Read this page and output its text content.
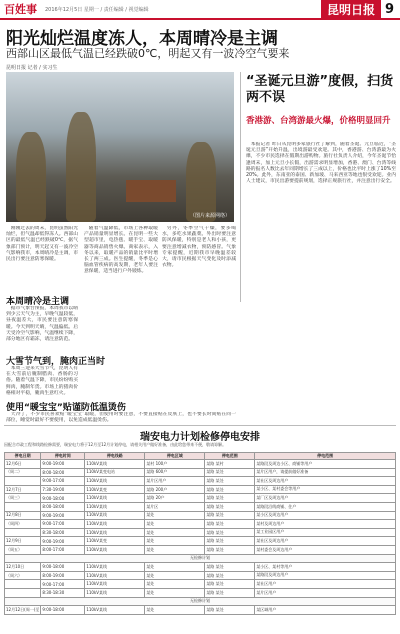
百姓事 2016年12月5日 星期一 / 责任编辑 / 视觉编辑	昆明日报 9
阳光灿烂温度冻人，本周晴冷是主调
西部山区最低气温已经跌破0℃，明起又有一波冷空气要来
昆明日报 记者 / 实习生
（图片来源网络）
“圣诞元旦游”度假，扫货两不误
香港游、台湾游最火爆，价格明显回升

本报记者 昨日从昆明多家旅行社了解到，随着圣诞、元旦临近，“圣诞元旦游”开始升温，出境游最受欢迎。其中，香港游、台湾游最为火爆，不少市民选择在假期出游购物。旅行社负责人介绍，今年圣诞节恰逢周末，加上元旦小长假，出游需求明显增加，香港、澳门、台湾等线路的报名人数比去年同期增长了三成以上，价格也比平时上涨了10%至20%。此外，东南亚的泰国、新加坡、马来西亚等地也很受欢迎。业内人士建议，市民出游要提前规划，选择正规旅行社，并注意出行安全。

刚刚过去的周末，昆明虽然阳光灿烂，但气温却低得冻人。西部山区的最低气温已经跌破0℃，据气象部门预计，明天起又有一波冷空气影响我市，本周晴冷是主调，市民出行要注意防寒保暖。

本周晴冷是主调

据市气象台预报，本周我市以晴到少云天气为主，早晚气温较低，昼夜温差大，市民要注意防寒保暖。今天到明天晴，气温偏低。后天受冷空气影响，气温继续下降，部分地区有霜冻，请注意防范。

大雪节气到，腌肉正当时

本周三迎来大雪节气，昆明人有在大雪前后腌制腊肉、香肠的习俗。随着气温下降，市民纷纷购买鲜肉，腌制年货。市场上的猪肉价格相对平稳，腌肉生意红火。

使用“暖宝宝”贴谨防低温烫伤

天冷了，不少市民喜欢贴“暖宝宝”取暖，但使用时要注意，不要直接贴在皮肤上，也不要长时间贴在同一部位，睡觉时最好不要使用，以免造成低温烫伤。

随着气温降低，市场上各种取暖产品销量明显增长。在昆明一些大型超市里，电热毯、暖手宝、取暖器等商品销售火爆。商家表示，入冬以来，取暖产品的销量比平时增长了两三成。医生提醒，冬季是心脑血管疾病的高发期，老年人要注意保暖，适当进行户外锻炼。

另外，冬季空气干燥，要多喝水，多吃水果蔬菜。外出时要注意防风保暖，特别是老人和小孩，更要注意增减衣物，预防感冒。气象专家提醒，近期我市早晚温差较大，请市民根据天气变化及时添减衣物。

瑞安电力计划检修停电安排
因配合市政工程和线路检修需要，瑞安电力将于12月至12月计划停电，请相关用户做好准备，由此给您带来不便，敬请谅解。
停电日期	停电时间	停电线路	停电区域	停电范围	停电范围
12月6日	9:00-19:00	110kV某线	某村 100户	某路 某村	某路段及周边小区、商铺等用户
（周二）	8:00-18:00	110kV某变电站	某路 600户	某路 某处	某片区用户，请提前做好准备
	9:00-17:00	110kV某线	某片区用户	某路 某处	某社区及周边用户
12月7日	7:30-19:00	110kV某变	某路 200户	某路 某处	某小区、某村委会等用户
（周三）	9:00-18:00	110kV某线	某路 20户	某路 某处	某厂区及周边用户
	8:00-18:00	110kV某线	某片区	某路 某处	某路段沿线商铺、住户
12月8日	9:00-19:00	110kV某线	某处	某路 某处	某小区及周边用户
（周四）	9:00-17:00	110kV某线	某处	某路 某处	某村及周边用户
	8:30-18:00	110kV某线	某处	某路 某处	某工业园区用户
12月9日	9:00-19:00	110kV某变	某处	某路 某处	某社区及周边用户
（周五）	8:00-17:00	110kV某线	某处	某路 某处	某村委会及周边用户
无检修计划					
12月10日	9:00-18:00	110kV某线	某处	某路 某处	某小区、某村等用户
（周六）	8:00-19:00	110kV某线	某处	某路 某处	某路段及周边用户
	9:00-17:00	110kV某线	某处	某路 某处	某社区用户
	8:30-18:30	110kV某线	某处	某路 某处	某片区用户
无检修计划					
12月12日(周一)至	9:00-18:00	110kV某线	某处	某路 某处	某区域用户
